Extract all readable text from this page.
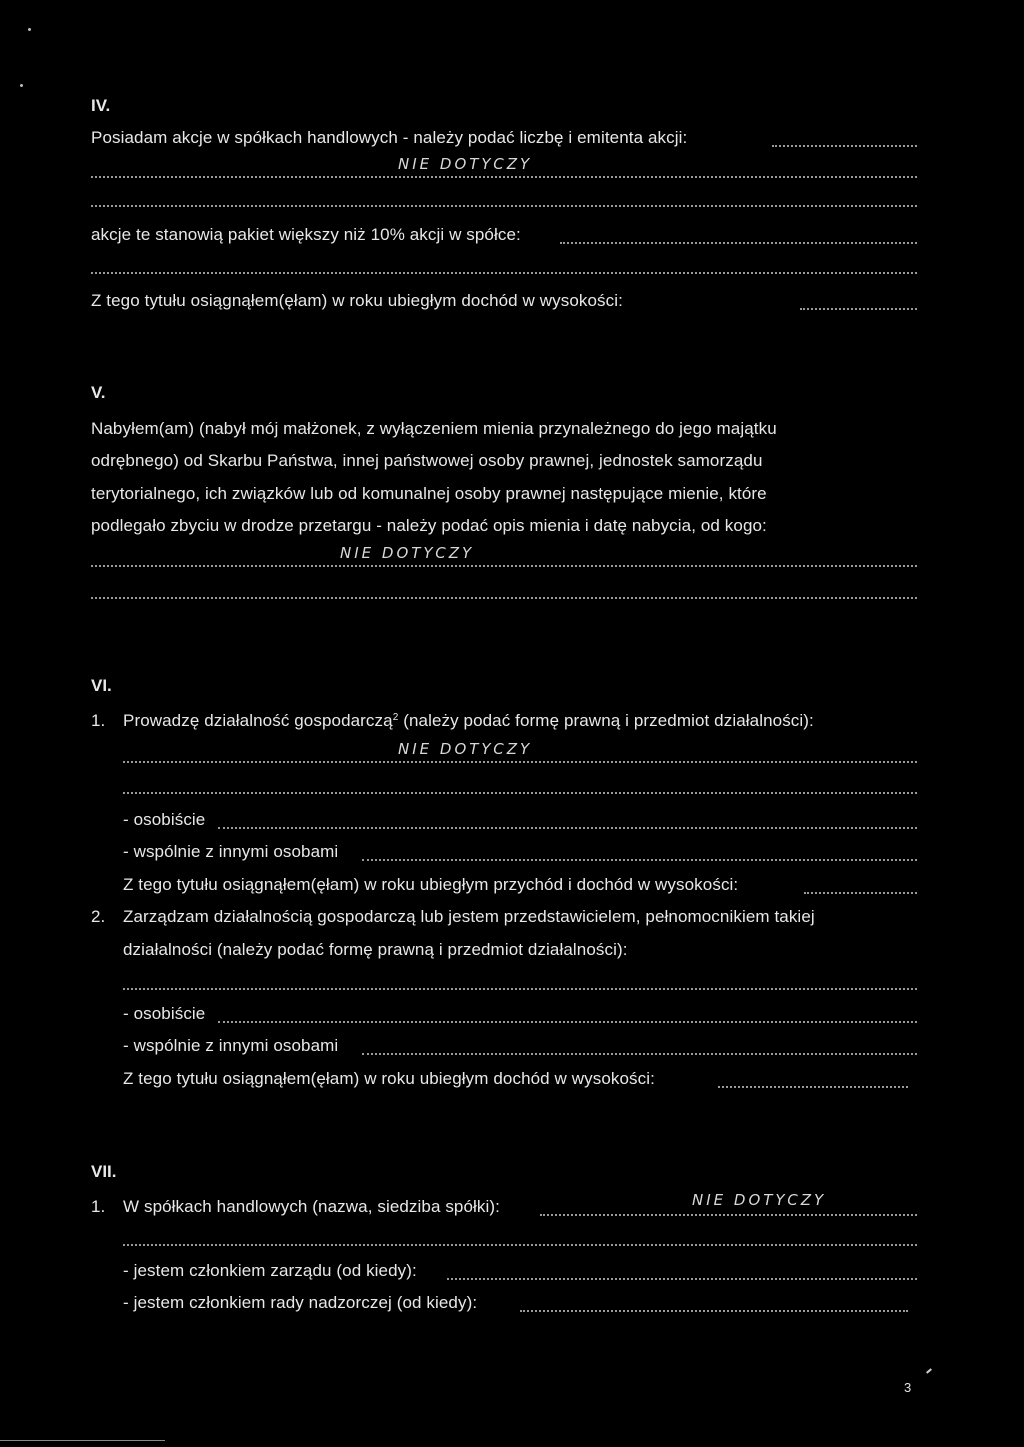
IV.
Posiadam akcje w spółkach handlowych - należy podać liczbę i emitenta akcji:
NIE DOTYCZY
akcje te stanowią pakiet większy niż 10% akcji w spółce:
Z tego tytułu osiągnąłem(ęłam) w roku ubiegłym dochód w wysokości:
V.
Nabyłem(am) (nabył mój małżonek, z wyłączeniem mienia przynależnego do jego majątku
odrębnego) od Skarbu Państwa, innej państwowej osoby prawnej, jednostek samorządu
terytorialnego, ich związków lub od komunalnej osoby prawnej następujące mienie, które
podlegało zbyciu w drodze przetargu - należy podać opis mienia i datę nabycia, od kogo:
NIE DOTYCZY
VI.
1. Prowadzę działalność gospodarczą$^2$ (należy podać formę prawną i przedmiot działalności):
NIE DOTYCZY
- osobiście
- wspólnie z innymi osobami
Z tego tytułu osiągnąłem(ęłam) w roku ubiegłym przychód i dochód w wysokości:
2. Zarządzam działalnością gospodarczą lub jestem przedstawicielem, pełnomocnikiem takiej
działalności (należy podać formę prawną i przedmiot działalności):
- osobiście
- wspólnie z innymi osobami
Z tego tytułu osiągnąłem(ęłam) w roku ubiegłym dochód w wysokości:
VII.
1. W spółkach handlowych (nazwa, siedziba spółki):	NIE DOTYCZY
- jestem członkiem zarządu (od kiedy):
- jestem członkiem rady nadzorczej (od kiedy):
3
